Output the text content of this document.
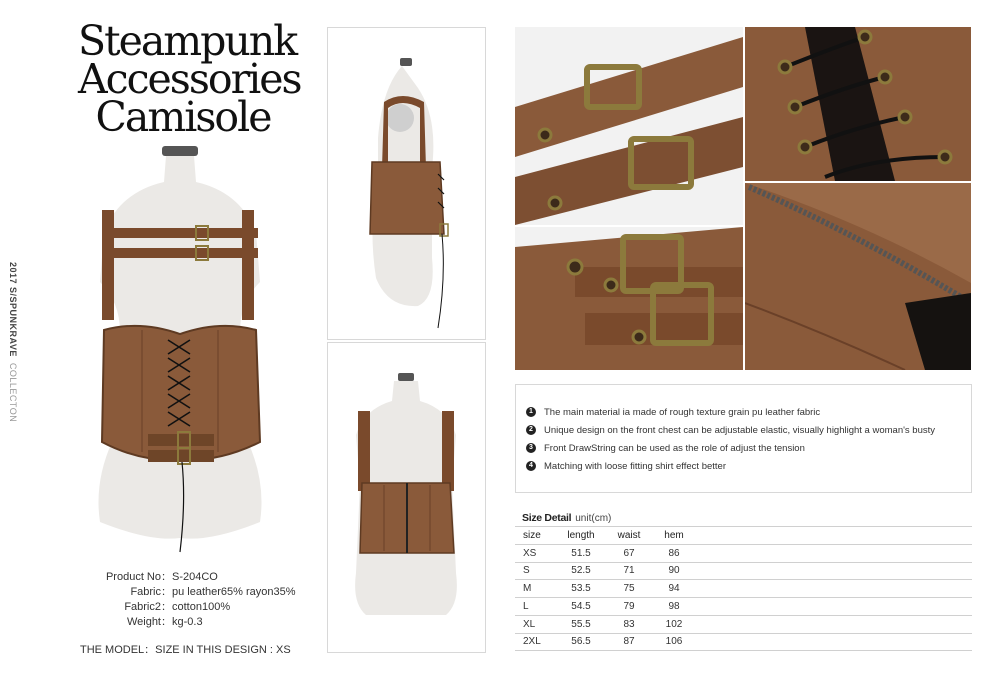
2017 S/SPUNKRAVECOLLECTON
Steampunk
Accessories
Camisole
Product No：S-204CO
Fabric：pu leather65% rayon35%
Fabric2：cotton100%
Weight：kg-0.3
THE MODEL：SIZE IN THIS DESIGN : XS
1	The main material ia made of rough texture grain pu leather fabric
2	Unique design on the front chest can be adjustable elastic, visually highlight a woman's busty
3	Front DrawString can be used as the role of adjust the tension
4	Matching with loose fitting shirt effect better
Size Detail unit(cm)
size	length	waist	hem
XS	51.5	67	86
S	52.5	71	90
M	53.5	75	94
L	54.5	79	98
XL	55.5	83	102
2XL	56.5	87	106
